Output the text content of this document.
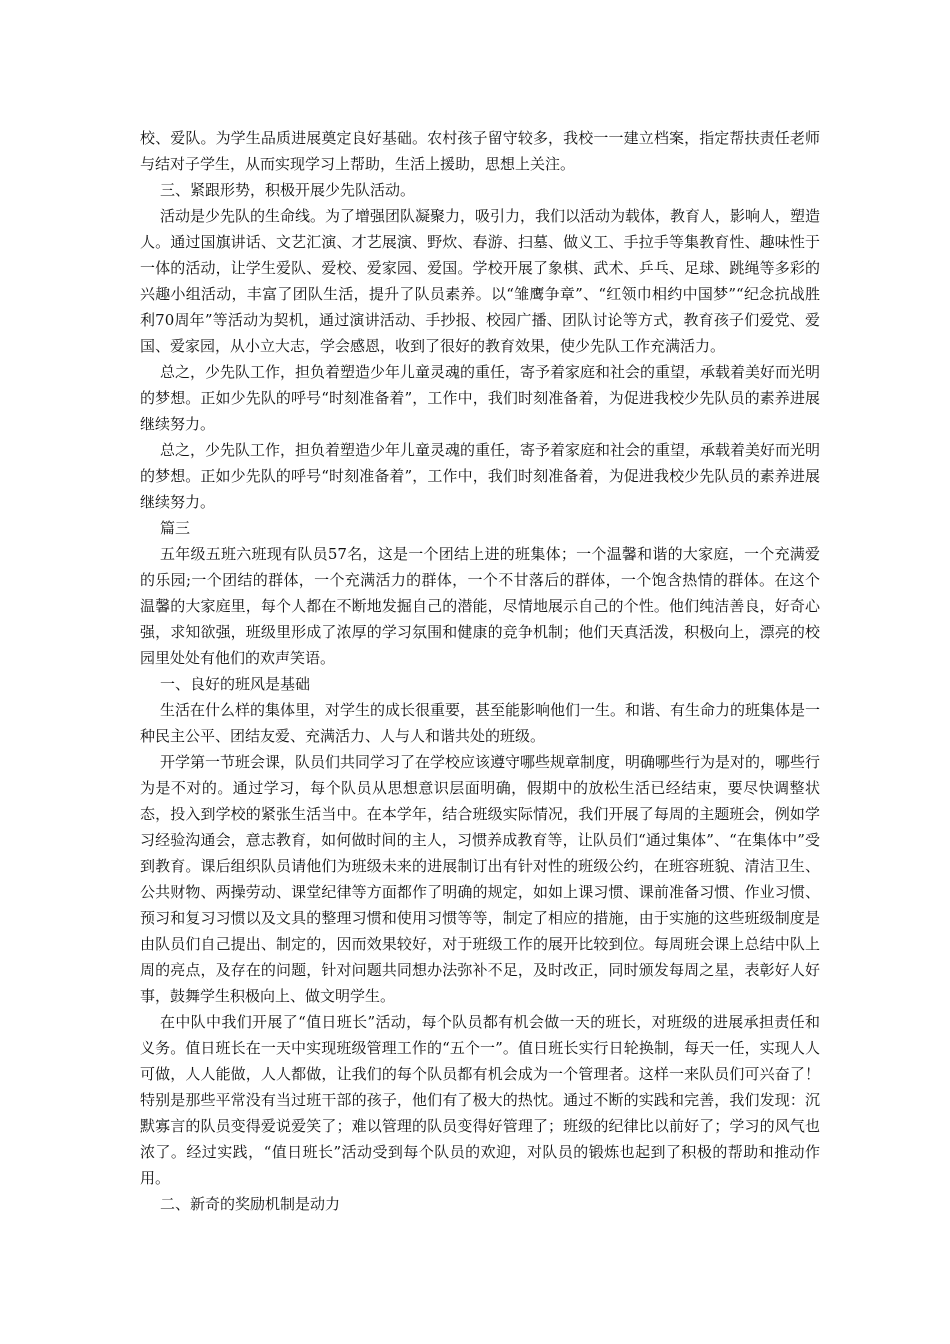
校、爱队。为学生品质进展奠定良好基础。农村孩子留守较多，我校一一建立档案，指定帮扶责任老师与结对子学生，从而实现学习上帮助，生活上援助，思想上关注。

三、紧跟形势，积极开展少先队活动。

活动是少先队的生命线。为了增强团队凝聚力，吸引力，我们以活动为载体，教育人，影响人，塑造人。通过国旗讲话、文艺汇演、才艺展演、野炊、春游、扫墓、做义工、手拉手等集教育性、趣味性于一体的活动，让学生爱队、爱校、爱家园、爱国。学校开展了象棋、武术、乒乓、足球、跳绳等多彩的兴趣小组活动，丰富了团队生活，提升了队员素养。以“雏鹰争章”、“红领巾相约中国梦”“纪念抗战胜利70周年”等活动为契机，通过演讲活动、手抄报、校园广播、团队讨论等方式，教育孩子们爱党、爱国、爱家园，从小立大志，学会感恩，收到了很好的教育效果，使少先队工作充满活力。

总之，少先队工作，担负着塑造少年儿童灵魂的重任，寄予着家庭和社会的重望，承载着美好而光明的梦想。正如少先队的呼号“时刻准备着”，工作中，我们时刻准备着，为促进我校少先队员的素养进展继续努力。

总之，少先队工作，担负着塑造少年儿童灵魂的重任，寄予着家庭和社会的重望，承载着美好而光明的梦想。正如少先队的呼号“时刻准备着”，工作中，我们时刻准备着，为促进我校少先队员的素养进展继续努力。

篇三

五年级五班六班现有队员57名，这是一个团结上进的班集体；一个温馨和谐的大家庭，一个充满爱的乐园;一个团结的群体，一个充满活力的群体，一个不甘落后的群体，一个饱含热情的群体。在这个温馨的大家庭里，每个人都在不断地发掘自己的潜能，尽情地展示自己的个性。他们纯洁善良，好奇心强，求知欲强，班级里形成了浓厚的学习氛围和健康的竞争机制；他们天真活泼，积极向上，漂亮的校园里处处有他们的欢声笑语。

一、良好的班风是基础

生活在什么样的集体里，对学生的成长很重要，甚至能影响他们一生。和谐、有生命力的班集体是一种民主公平、团结友爱、充满活力、人与人和谐共处的班级。

开学第一节班会课，队员们共同学习了在学校应该遵守哪些规章制度，明确哪些行为是对的，哪些行为是不对的。通过学习，每个队员从思想意识层面明确，假期中的放松生活已经结束，要尽快调整状态，投入到学校的紧张生活当中。在本学年，结合班级实际情况，我们开展了每周的主题班会，例如学习经验沟通会，意志教育，如何做时间的主人，习惯养成教育等，让队员们“通过集体”、“在集体中”受到教育。课后组织队员请他们为班级未来的进展制订出有针对性的班级公约，在班容班貌、清洁卫生、公共财物、两操劳动、课堂纪律等方面都作了明确的规定，如如上课习惯、课前准备习惯、作业习惯、预习和复习习惯以及文具的整理习惯和使用习惯等等，制定了相应的措施，由于实施的这些班级制度是由队员们自己提出、制定的，因而效果较好，对于班级工作的展开比较到位。每周班会课上总结中队上周的亮点，及存在的问题，针对问题共同想办法弥补不足，及时改正，同时颁发每周之星，表彰好人好事，鼓舞学生积极向上、做文明学生。

在中队中我们开展了“值日班长”活动，每个队员都有机会做一天的班长，对班级的进展承担责任和义务。值日班长在一天中实现班级管理工作的“五个一”。值日班长实行日轮换制，每天一任，实现人人可做，人人能做，人人都做，让我们的每个队员都有机会成为一个管理者。这样一来队员们可兴奋了！特别是那些平常没有当过班干部的孩子，他们有了极大的热忱。通过不断的实践和完善，我们发现：沉默寡言的队员变得爱说爱笑了；难以管理的队员变得好管理了；班级的纪律比以前好了；学习的风气也浓了。经过实践，“值日班长”活动受到每个队员的欢迎，对队员的锻炼也起到了积极的帮助和推动作用。

二、新奇的奖励机制是动力
